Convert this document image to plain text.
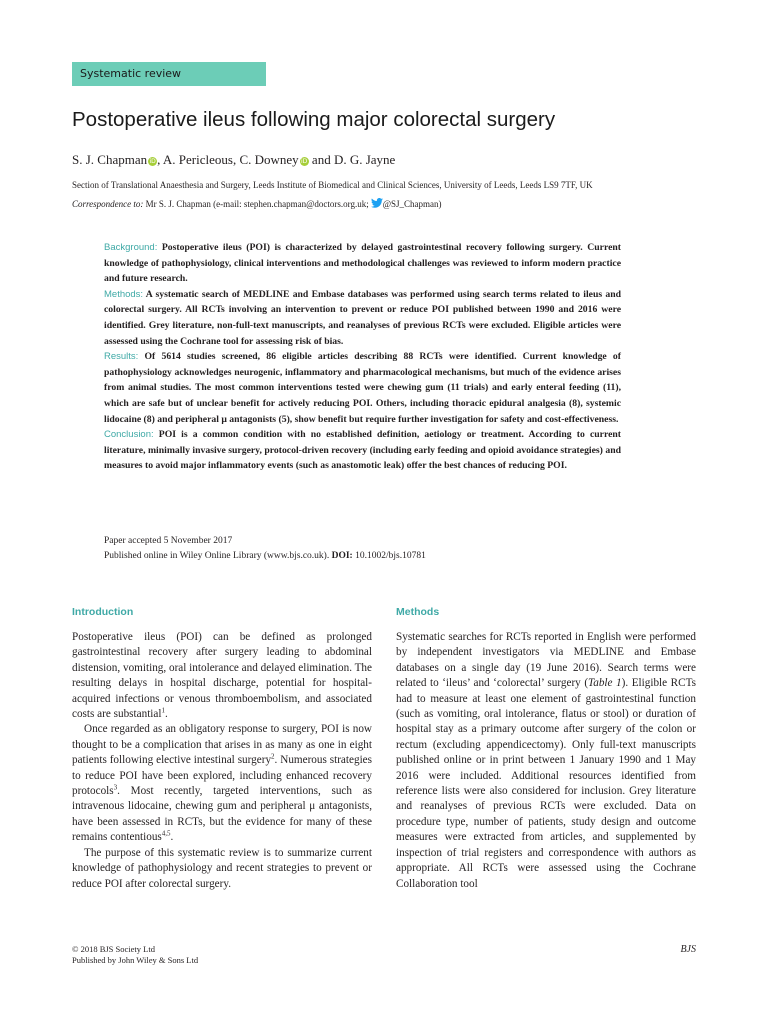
Systematic review
Postoperative ileus following major colorectal surgery
S. J. Chapman iD, A. Pericleous, C. Downey iD and D. G. Jayne
Section of Translational Anaesthesia and Surgery, Leeds Institute of Biomedical and Clinical Sciences, University of Leeds, Leeds LS9 7TF, UK
Correspondence to: Mr S. J. Chapman (e-mail: stephen.chapman@doctors.org.uk; @SJ_Chapman)

Background: Postoperative ileus (POI) is characterized by delayed gastrointestinal recovery following surgery. Current knowledge of pathophysiology, clinical interventions and methodological challenges was reviewed to inform modern practice and future research.

Methods: A systematic search of MEDLINE and Embase databases was performed using search terms related to ileus and colorectal surgery. All RCTs involving an intervention to prevent or reduce POI published between 1990 and 2016 were identified. Grey literature, non-full-text manuscripts, and reanalyses of previous RCTs were excluded. Eligible articles were assessed using the Cochrane tool for assessing risk of bias.

Results: Of 5614 studies screened, 86 eligible articles describing 88 RCTs were identified. Current knowledge of pathophysiology acknowledges neurogenic, inflammatory and pharmacological mechanisms, but much of the evidence arises from animal studies. The most common interventions tested were chewing gum (11 trials) and early enteral feeding (11), which are safe but of unclear benefit for actively reducing POI. Others, including thoracic epidural analgesia (8), systemic lidocaine (8) and peripheral μ antagonists (5), show benefit but require further investigation for safety and cost-effectiveness.

Conclusion: POI is a common condition with no established definition, aetiology or treatment. According to current literature, minimally invasive surgery, protocol-driven recovery (including early feeding and opioid avoidance strategies) and measures to avoid major inflammatory events (such as anastomotic leak) offer the best chances of reducing POI.

Paper accepted 5 November 2017
Published online in Wiley Online Library (www.bjs.co.uk). DOI: 10.1002/bjs.10781
Introduction	Methods

Postoperative ileus (POI) can be defined as prolonged gastrointestinal recovery after surgery leading to abdominal distension, vomiting, oral intolerance and delayed elimination. The resulting delays in hospital discharge, potential for hospital-acquired infections or venous thromboembolism, and associated costs are substantial$^1$.

Once regarded as an obligatory response to surgery, POI is now thought to be a complication that arises in as many as one in eight patients following elective intestinal surgery$^2$. Numerous strategies to reduce POI have been explored, including enhanced recovery protocols$^3$. Most recently, targeted interventions, such as intravenous lidocaine, chewing gum and peripheral μ antagonists, have been assessed in RCTs, but the evidence for many of these remains contentious$^{4,5}$.

The purpose of this systematic review is to summarize current knowledge of pathophysiology and recent strategies to prevent or reduce POI after colorectal surgery.

Systematic searches for RCTs reported in English were performed by independent investigators via MEDLINE and Embase databases on a single day (19 June 2016). Search terms were related to ‘ileus’ and ‘colorectal’ surgery (Table 1). Eligible RCTs had to measure at least one element of gastrointestinal function (such as vomiting, oral intolerance, flatus or stool) or duration of hospital stay as a primary outcome after surgery of the colon or rectum (excluding appendicectomy). Only full-text manuscripts published online or in print between 1 January 1990 and 1 May 2016 were included. Additional resources identified from reference lists were also considered for inclusion. Grey literature and reanalyses of previous RCTs were excluded. Data on procedure type, number of patients, study design and outcome measures were extracted from articles, and supplemented by inspection of trial registers and correspondence with authors as appropriate. All RCTs were assessed using the Cochrane Collaboration tool

© 2018 BJS Society Ltd
Published by John Wiley & Sons Ltd
BJS
